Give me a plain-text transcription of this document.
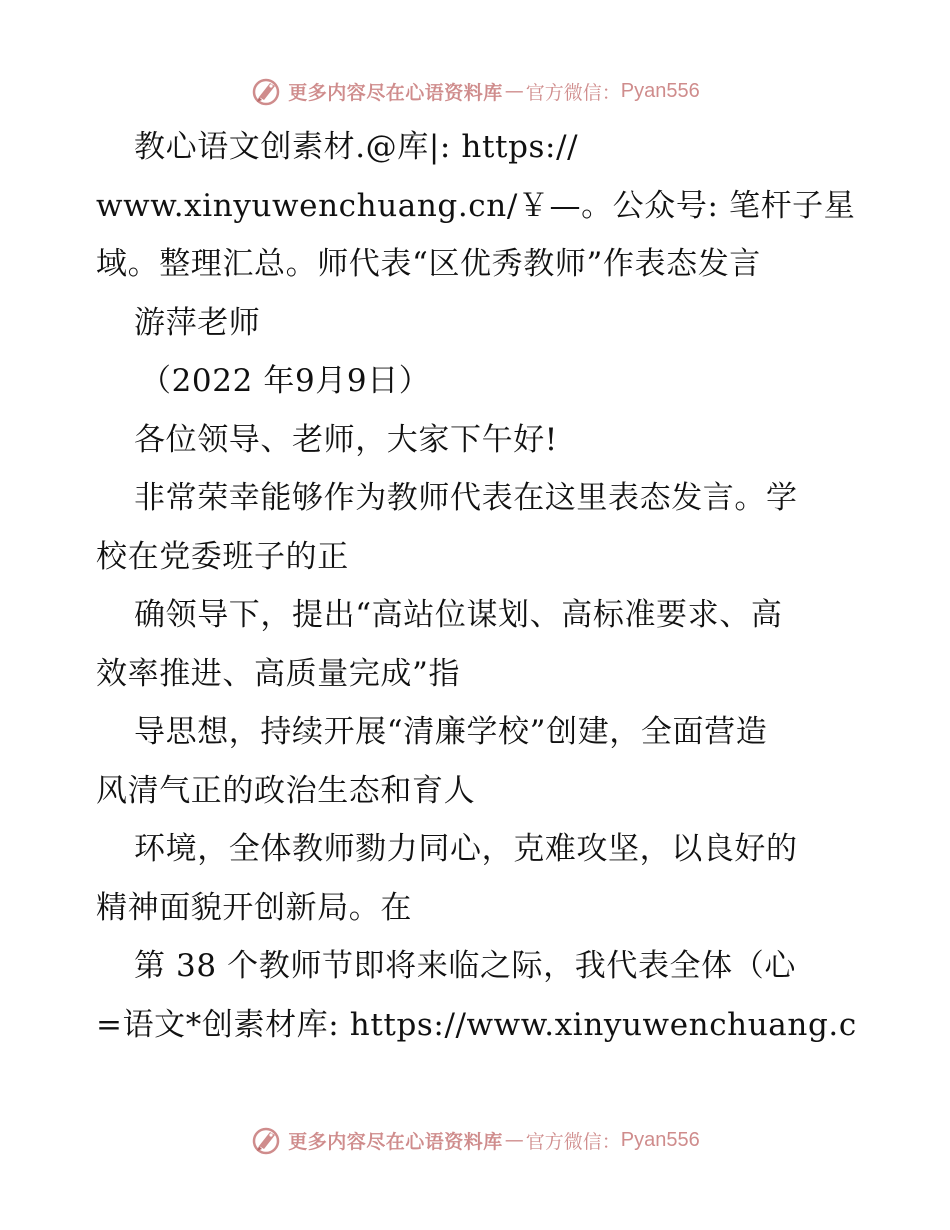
更多内容尽在心语资料库 — 官方微信： Pyan556
教心语文创素材.@库|: https://
www.xinyuwenchuang.cn/￥—。公众号: 笔杆子星
域。整理汇总。师代表“区优秀教师”作表态发言
游萍老师
（2022 年9月9日）
各位领导、老师，大家下午好!
非常荣幸能够作为教师代表在这里表态发言。学
校在党委班子的正
确领导下，提出“高站位谋划、高标准要求、高
效率推进、高质量完成”指
导思想，持续开展“清廉学校”创建，全面营造
风清气正的政治生态和育人
环境，全体教师勠力同心，克难攻坚，以良好的
精神面貌开创新局。在
第 38 个教师节即将来临之际，我代表全体（心
=语文*创素材库: https://www.xinyuwenchuang.c
更多内容尽在心语资料库 — 官方微信： Pyan556
